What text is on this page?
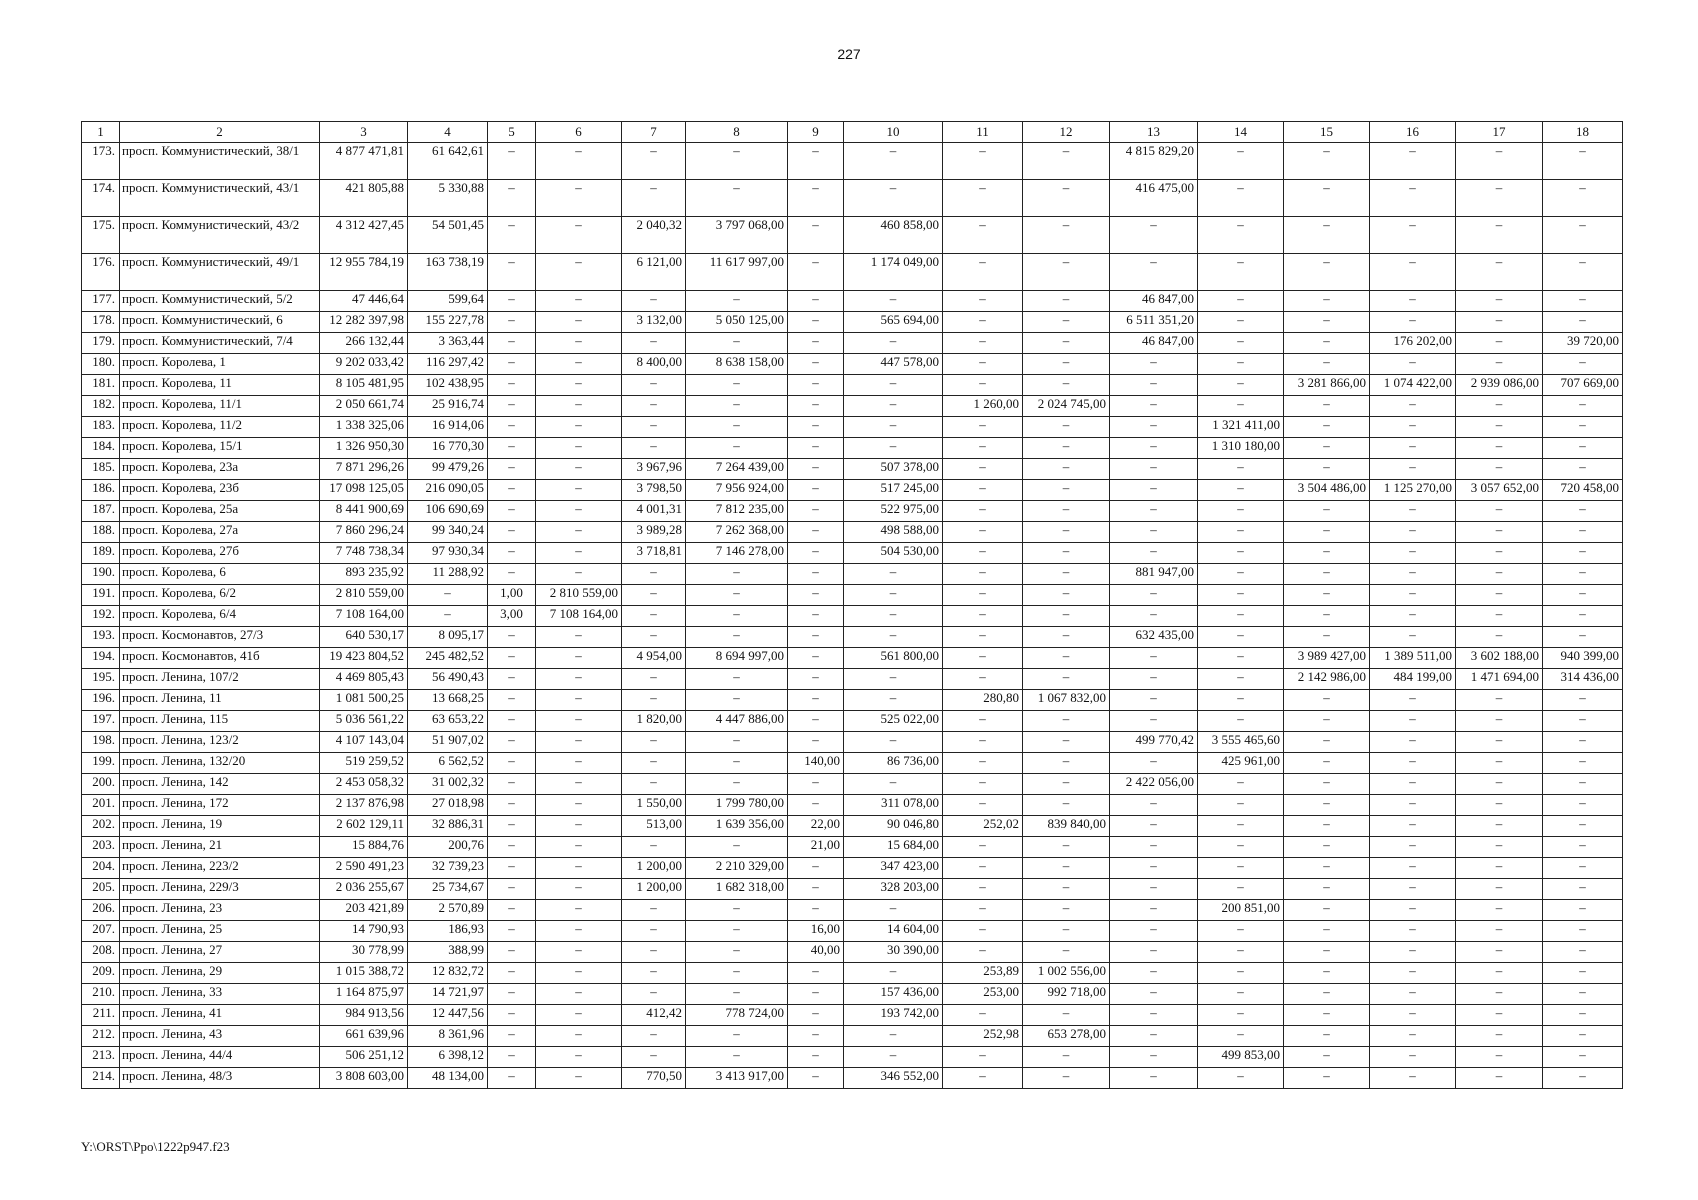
227
1	2	3	4	5	6	7	8	9	10	11	12	13	14	15	16	17	18
173.	просп. Коммунистический, 38/1	4 877 471,81	61 642,61	–	–	–	–	–	–	–	–	4 815 829,20	–	–	–	–	–
174.	просп. Коммунистический, 43/1	421 805,88	5 330,88	–	–	–	–	–	–	–	–	416 475,00	–	–	–	–	–
175.	просп. Коммунистический, 43/2	4 312 427,45	54 501,45	–	–	2 040,32	3 797 068,00	–	460 858,00	–	–	–	–	–	–	–	–
176.	просп. Коммунистический, 49/1	12 955 784,19	163 738,19	–	–	6 121,00	11 617 997,00	–	1 174 049,00	–	–	–	–	–	–	–	–
177.	просп. Коммунистический, 5/2	47 446,64	599,64	–	–	–	–	–	–	–	–	46 847,00	–	–	–	–	–
178.	просп. Коммунистический, 6	12 282 397,98	155 227,78	–	–	3 132,00	5 050 125,00	–	565 694,00	–	–	6 511 351,20	–	–	–	–	–
179.	просп. Коммунистический, 7/4	266 132,44	3 363,44	–	–	–	–	–	–	–	–	46 847,00	–	–	176 202,00	–	39 720,00
180.	просп. Королева, 1	9 202 033,42	116 297,42	–	–	8 400,00	8 638 158,00	–	447 578,00	–	–	–	–	–	–	–	–
181.	просп. Королева, 11	8 105 481,95	102 438,95	–	–	–	–	–	–	–	–	–	–	3 281 866,00	1 074 422,00	2 939 086,00	707 669,00
182.	просп. Королева, 11/1	2 050 661,74	25 916,74	–	–	–	–	–	–	1 260,00	2 024 745,00	–	–	–	–	–	–
183.	просп. Королева, 11/2	1 338 325,06	16 914,06	–	–	–	–	–	–	–	–	–	1 321 411,00	–	–	–	–
184.	просп. Королева, 15/1	1 326 950,30	16 770,30	–	–	–	–	–	–	–	–	–	1 310 180,00	–	–	–	–
185.	просп. Королева, 23а	7 871 296,26	99 479,26	–	–	3 967,96	7 264 439,00	–	507 378,00	–	–	–	–	–	–	–	–
186.	просп. Королева, 23б	17 098 125,05	216 090,05	–	–	3 798,50	7 956 924,00	–	517 245,00	–	–	–	–	3 504 486,00	1 125 270,00	3 057 652,00	720 458,00
187.	просп. Королева, 25а	8 441 900,69	106 690,69	–	–	4 001,31	7 812 235,00	–	522 975,00	–	–	–	–	–	–	–	–
188.	просп. Королева, 27а	7 860 296,24	99 340,24	–	–	3 989,28	7 262 368,00	–	498 588,00	–	–	–	–	–	–	–	–
189.	просп. Королева, 27б	7 748 738,34	97 930,34	–	–	3 718,81	7 146 278,00	–	504 530,00	–	–	–	–	–	–	–	–
190.	просп. Королева, 6	893 235,92	11 288,92	–	–	–	–	–	–	–	–	881 947,00	–	–	–	–	–
191.	просп. Королева, 6/2	2 810 559,00	–	1,00	2 810 559,00	–	–	–	–	–	–	–	–	–	–	–	–
192.	просп. Королева, 6/4	7 108 164,00	–	3,00	7 108 164,00	–	–	–	–	–	–	–	–	–	–	–	–
193.	просп. Космонавтов, 27/3	640 530,17	8 095,17	–	–	–	–	–	–	–	–	632 435,00	–	–	–	–	–
194.	просп. Космонавтов, 41б	19 423 804,52	245 482,52	–	–	4 954,00	8 694 997,00	–	561 800,00	–	–	–	–	3 989 427,00	1 389 511,00	3 602 188,00	940 399,00
195.	просп. Ленина, 107/2	4 469 805,43	56 490,43	–	–	–	–	–	–	–	–	–	–	2 142 986,00	484 199,00	1 471 694,00	314 436,00
196.	просп. Ленина, 11	1 081 500,25	13 668,25	–	–	–	–	–	–	280,80	1 067 832,00	–	–	–	–	–	–
197.	просп. Ленина, 115	5 036 561,22	63 653,22	–	–	1 820,00	4 447 886,00	–	525 022,00	–	–	–	–	–	–	–	–
198.	просп. Ленина, 123/2	4 107 143,04	51 907,02	–	–	–	–	–	–	–	–	499 770,42	3 555 465,60	–	–	–	–
199.	просп. Ленина, 132/20	519 259,52	6 562,52	–	–	–	–	140,00	86 736,00	–	–	–	425 961,00	–	–	–	–
200.	просп. Ленина, 142	2 453 058,32	31 002,32	–	–	–	–	–	–	–	–	2 422 056,00	–	–	–	–	–
201.	просп. Ленина, 172	2 137 876,98	27 018,98	–	–	1 550,00	1 799 780,00	–	311 078,00	–	–	–	–	–	–	–	–
202.	просп. Ленина, 19	2 602 129,11	32 886,31	–	–	513,00	1 639 356,00	22,00	90 046,80	252,02	839 840,00	–	–	–	–	–	–
203.	просп. Ленина, 21	15 884,76	200,76	–	–	–	–	21,00	15 684,00	–	–	–	–	–	–	–	–
204.	просп. Ленина, 223/2	2 590 491,23	32 739,23	–	–	1 200,00	2 210 329,00	–	347 423,00	–	–	–	–	–	–	–	–
205.	просп. Ленина, 229/3	2 036 255,67	25 734,67	–	–	1 200,00	1 682 318,00	–	328 203,00	–	–	–	–	–	–	–	–
206.	просп. Ленина, 23	203 421,89	2 570,89	–	–	–	–	–	–	–	–	–	200 851,00	–	–	–	–
207.	просп. Ленина, 25	14 790,93	186,93	–	–	–	–	16,00	14 604,00	–	–	–	–	–	–	–	–
208.	просп. Ленина, 27	30 778,99	388,99	–	–	–	–	40,00	30 390,00	–	–	–	–	–	–	–	–
209.	просп. Ленина, 29	1 015 388,72	12 832,72	–	–	–	–	–	–	253,89	1 002 556,00	–	–	–	–	–	–
210.	просп. Ленина, 33	1 164 875,97	14 721,97	–	–	–	–	–	157 436,00	253,00	992 718,00	–	–	–	–	–	–
211.	просп. Ленина, 41	984 913,56	12 447,56	–	–	412,42	778 724,00	–	193 742,00	–	–	–	–	–	–	–	–
212.	просп. Ленина, 43	661 639,96	8 361,96	–	–	–	–	–	–	252,98	653 278,00	–	–	–	–	–	–
213.	просп. Ленина, 44/4	506 251,12	6 398,12	–	–	–	–	–	–	–	–	–	499 853,00	–	–	–	–
214.	просп. Ленина, 48/3	3 808 603,00	48 134,00	–	–	770,50	3 413 917,00	–	346 552,00	–	–	–	–	–	–	–	–
Y:\ORST\Ppo\1222p947.f23
